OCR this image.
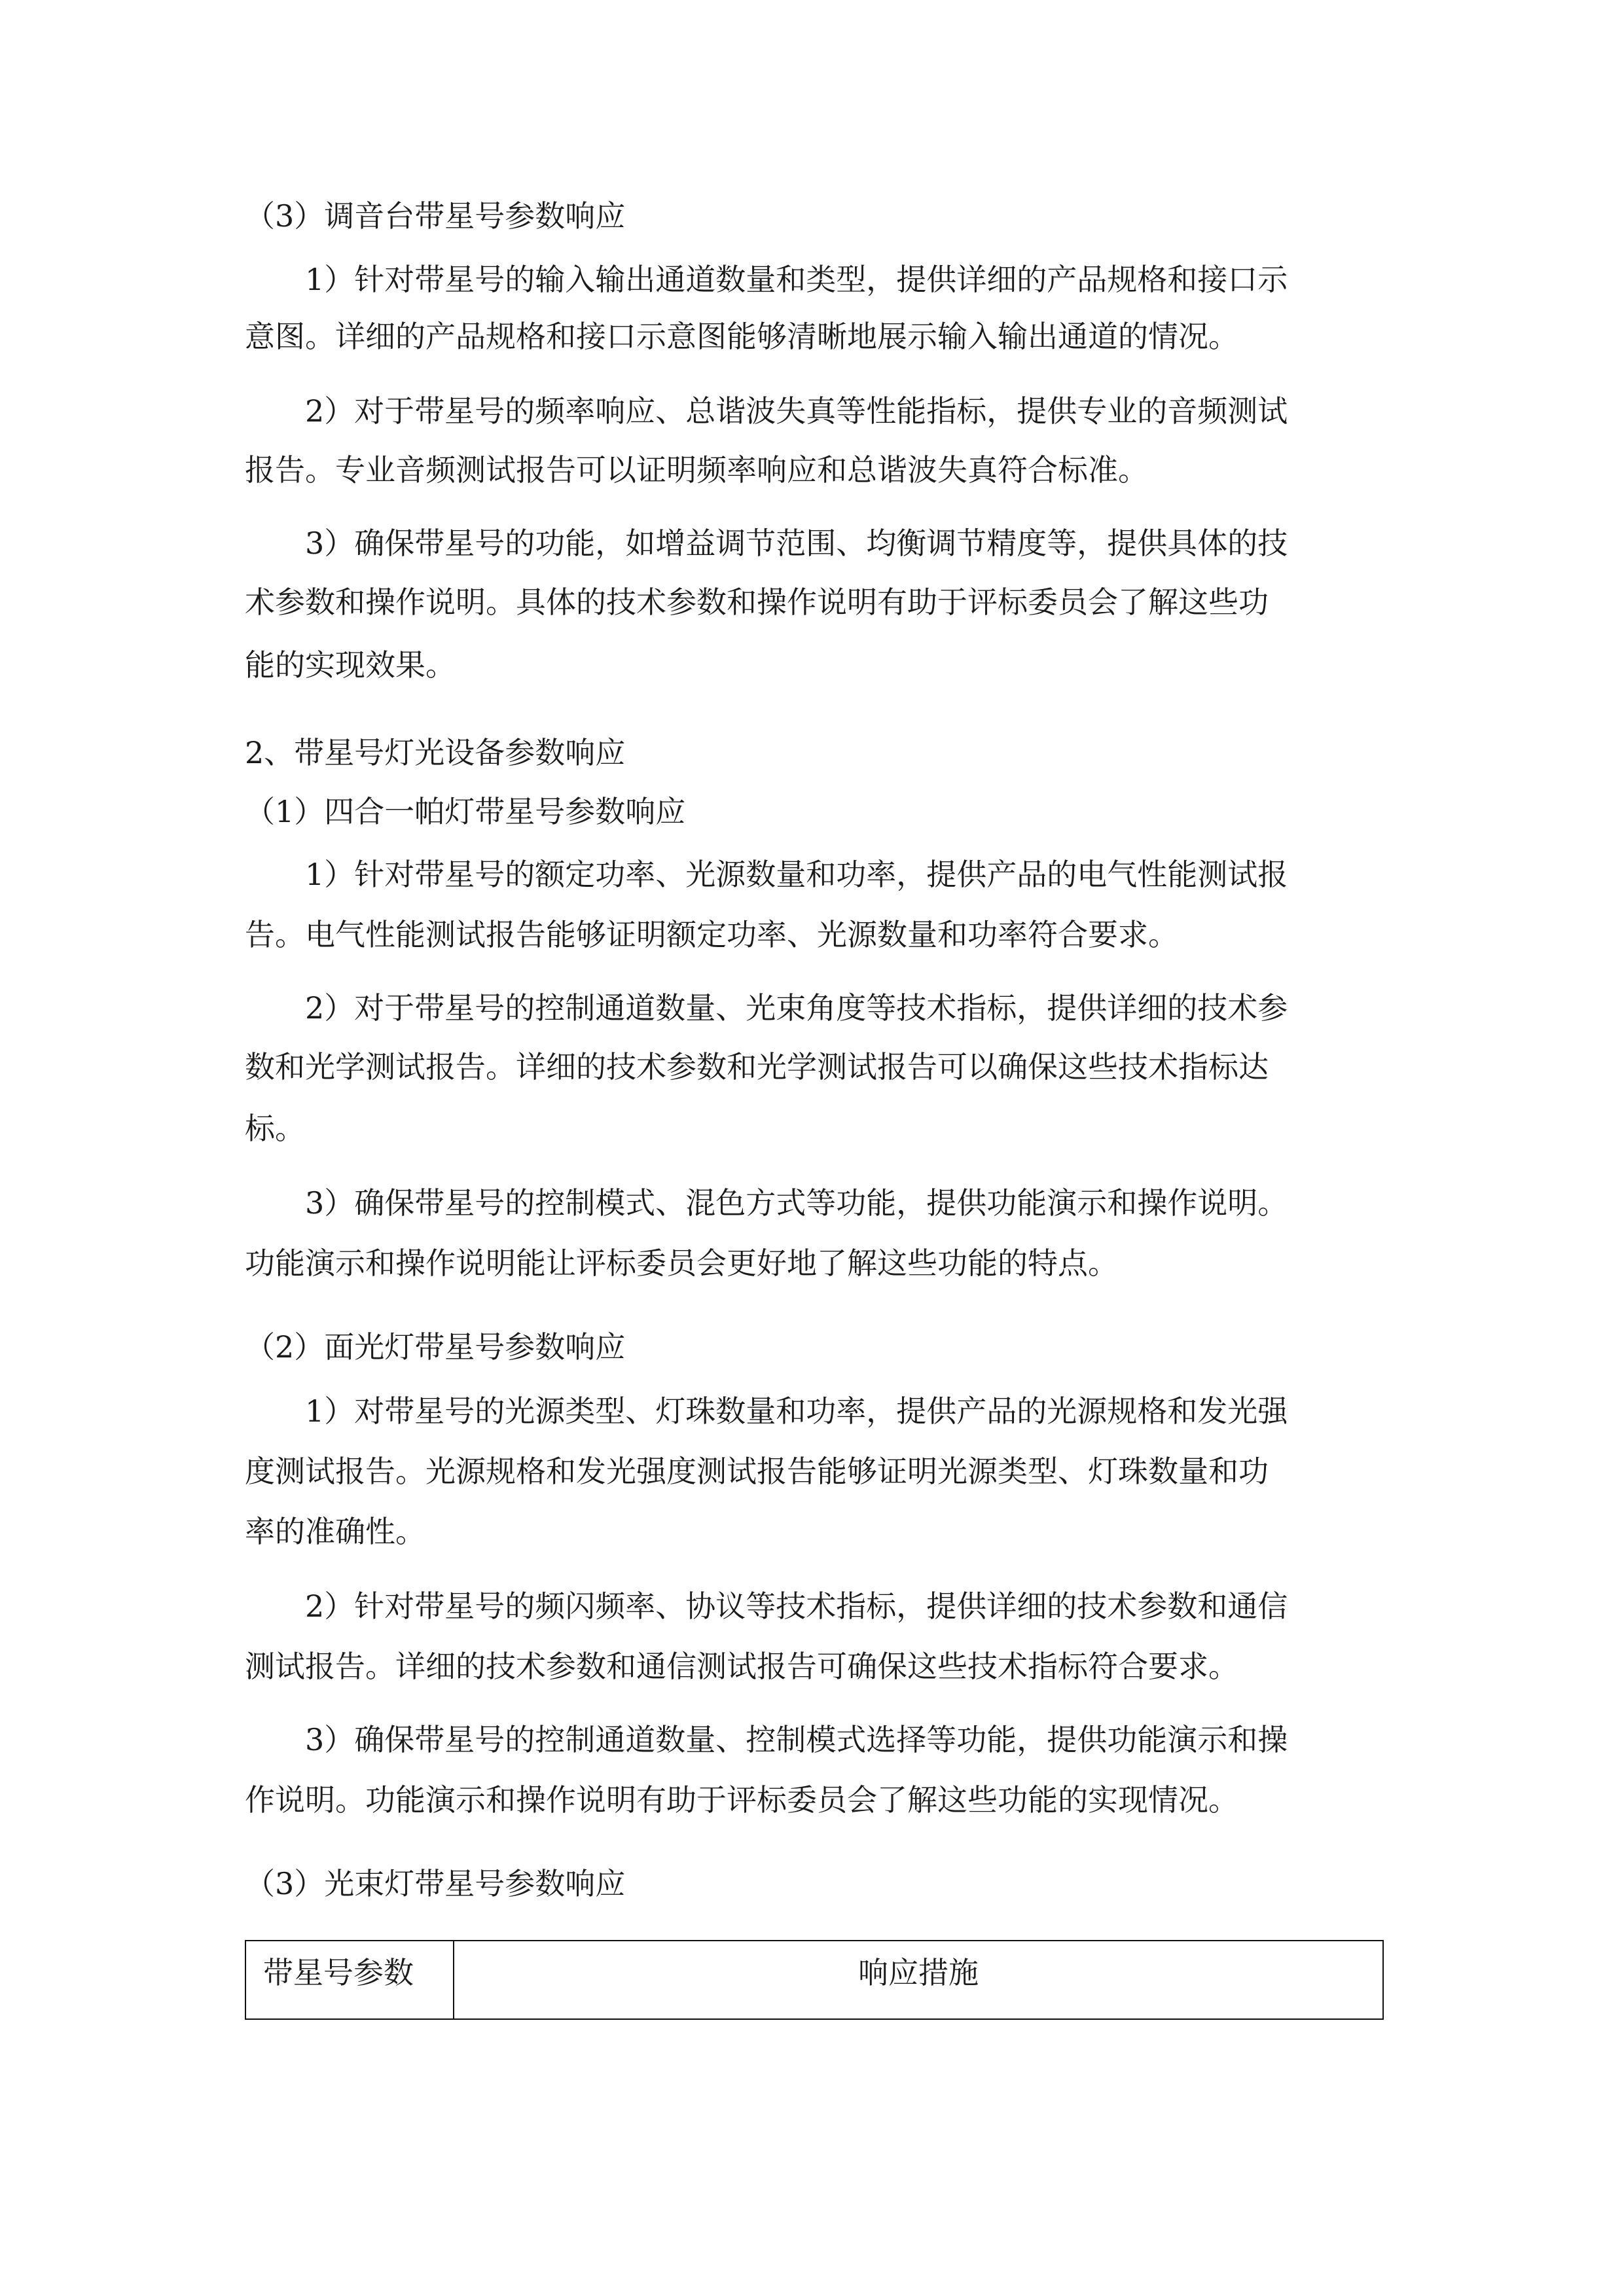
（3）调音台带星号参数响应
1）针对带星号的输入输出通道数量和类型，提供详细的产品规格和接口示
意图。详细的产品规格和接口示意图能够清晰地展示输入输出通道的情况。
2）对于带星号的频率响应、总谐波失真等性能指标，提供专业的音频测试
报告。专业音频测试报告可以证明频率响应和总谐波失真符合标准。
3）确保带星号的功能，如增益调节范围、均衡调节精度等，提供具体的技
术参数和操作说明。具体的技术参数和操作说明有助于评标委员会了解这些功
能的实现效果。
2、带星号灯光设备参数响应
（1）四合一帕灯带星号参数响应
1）针对带星号的额定功率、光源数量和功率，提供产品的电气性能测试报
告。电气性能测试报告能够证明额定功率、光源数量和功率符合要求。
2）对于带星号的控制通道数量、光束角度等技术指标，提供详细的技术参
数和光学测试报告。详细的技术参数和光学测试报告可以确保这些技术指标达
标。
3）确保带星号的控制模式、混色方式等功能，提供功能演示和操作说明。
功能演示和操作说明能让评标委员会更好地了解这些功能的特点。
（2）面光灯带星号参数响应
1）对带星号的光源类型、灯珠数量和功率，提供产品的光源规格和发光强
度测试报告。光源规格和发光强度测试报告能够证明光源类型、灯珠数量和功
率的准确性。
2）针对带星号的频闪频率、协议等技术指标，提供详细的技术参数和通信
测试报告。详细的技术参数和通信测试报告可确保这些技术指标符合要求。
3）确保带星号的控制通道数量、控制模式选择等功能，提供功能演示和操
作说明。功能演示和操作说明有助于评标委员会了解这些功能的实现情况。
（3）光束灯带星号参数响应
带星号参数	响应措施
